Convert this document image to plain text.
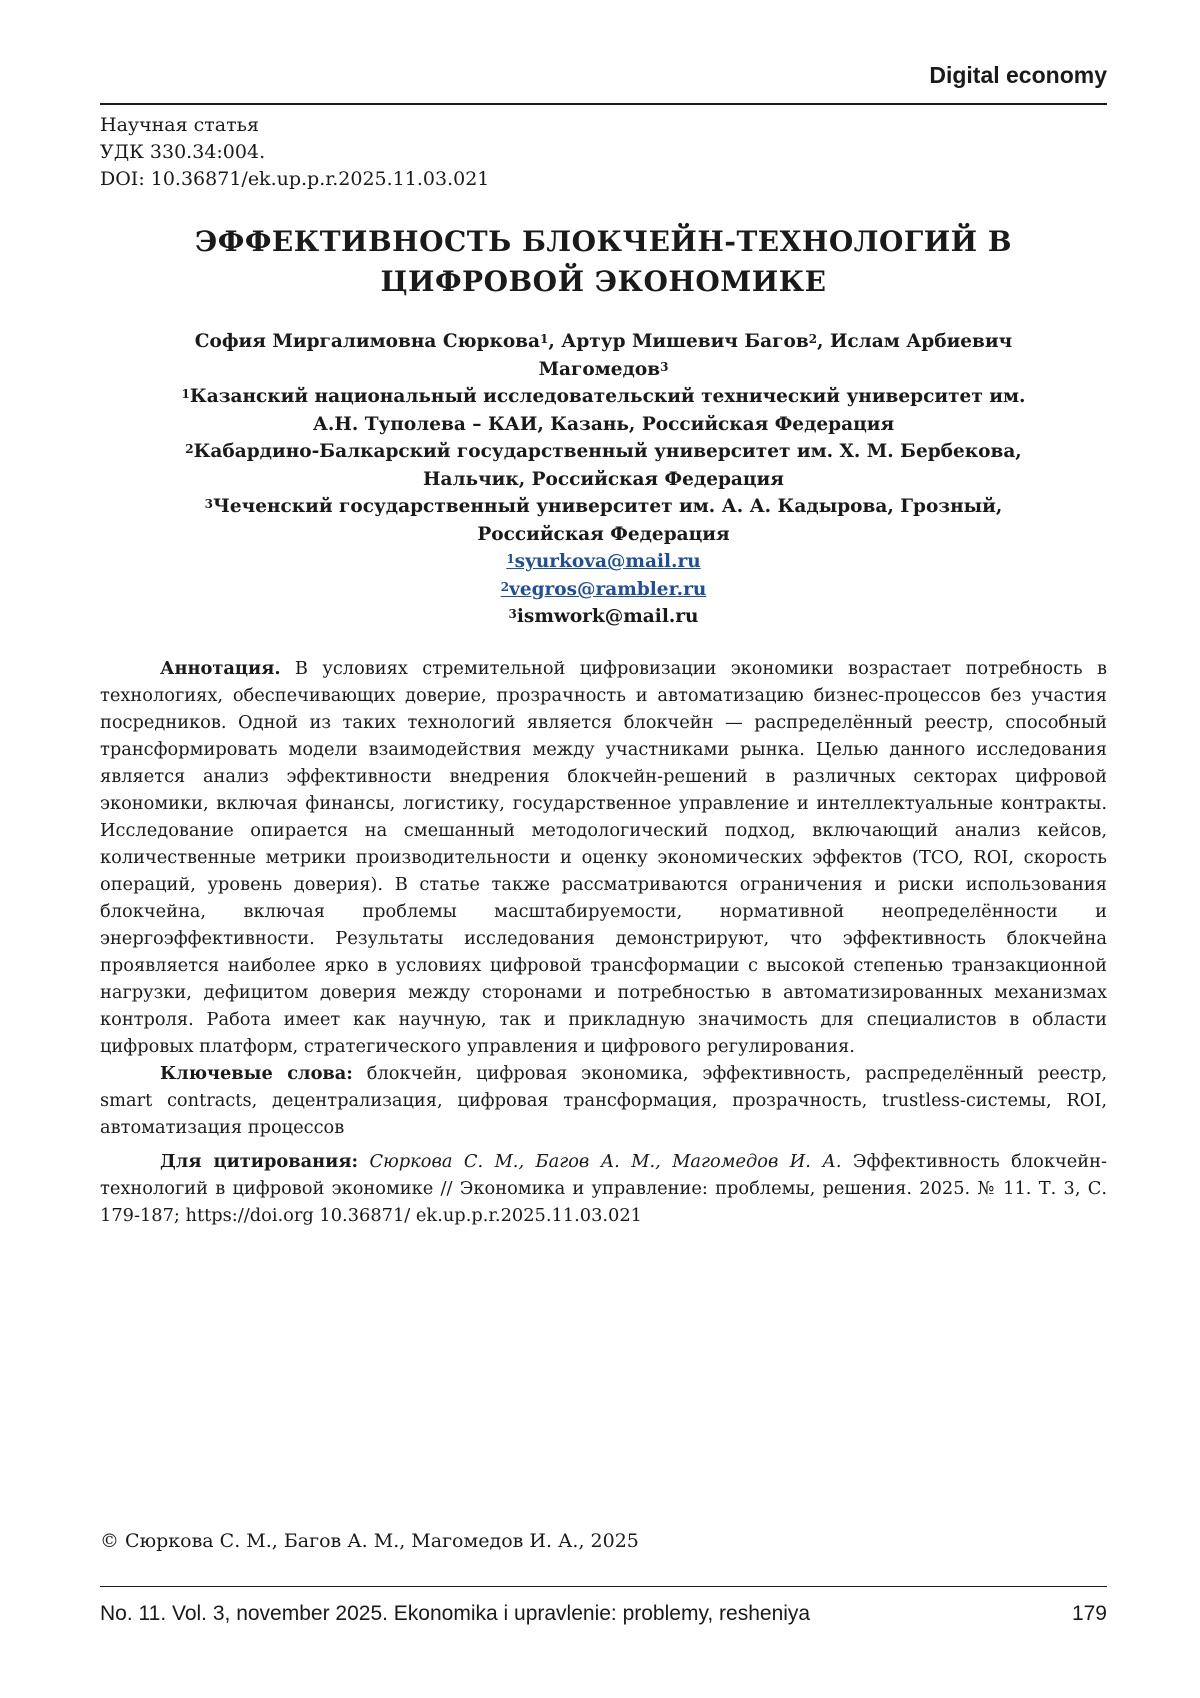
Digital economy
Научная статья
УДК 330.34:004.
DOI: 10.36871/ek.up.p.r.2025.11.03.021
ЭФФЕКТИВНОСТЬ БЛОКЧЕЙН-ТЕХНОЛОГИЙ В
ЦИФРОВОЙ ЭКОНОМИКЕ
София Миргалимовна Сюркова$^1$, Артур Мишевич Багов$^2$, Ислам Арбиевич
Магомедов$^3$
$^1$Казанский национальный исследовательский технический университет им.
А.Н. Туполева – КАИ, Казань, Российская Федерация
$^2$Кабардино-Балкарский государственный университет им. Х. М. Бербекова,
Нальчик, Российская Федерация
$^3$Чеченский государственный университет им. А. А. Кадырова, Грозный,
Российская Федерация
$^1$syurkova@mail.ru
$^2$vegros@rambler.ru
$^3$ismwork@mail.ru

Аннотация. В условиях стремительной цифровизации экономики возрастает потребность в технологиях, обеспечивающих доверие, прозрачность и автоматизацию бизнес-процессов без участия посредников. Одной из таких технологий является блокчейн — распределённый реестр, способный трансформировать модели взаимодействия между участниками рынка. Целью данного исследования является анализ эффективности внедрения блокчейн-решений в различных секторах цифровой экономики, включая финансы, логистику, государственное управление и интеллектуальные контракты. Исследование опирается на смешанный методологический подход, включающий анализ кейсов, количественные метрики производительности и оценку экономических эффектов (TCO, ROI, скорость операций, уровень доверия). В статье также рассматриваются ограничения и риски использования блокчейна, включая проблемы масштабируемости, нормативной неопределённости и энергоэффективности. Результаты исследования демонстрируют, что эффективность блокчейна проявляется наиболее ярко в условиях цифровой трансформации с высокой степенью транзакционной нагрузки, дефицитом доверия между сторонами и потребностью в автоматизированных механизмах контроля. Работа имеет как научную, так и прикладную значимость для специалистов в области цифровых платформ, стратегического управления и цифрового регулирования.

Ключевые слова: блокчейн, цифровая экономика, эффективность, распределённый реестр, smart contracts, децентрализация, цифровая трансформация, прозрачность, trustless-системы, ROI, автоматизация процессов

Для цитирования: Сюркова С. М., Багов А. М., Магомедов И. А. Эффективность блокчейн-технологий в цифровой экономике // Экономика и управление: проблемы, решения. 2025. № 11. Т. 3, С. 179-187; https://doi.org 10.36871/ ek.up.p.r.2025.11.03.021

© Сюркова С. М., Багов А. М., Магомедов И. А., 2025
No. 11. Vol. 3, november 2025. Ekonomika i upravlenie: problemy, resheniya	179
